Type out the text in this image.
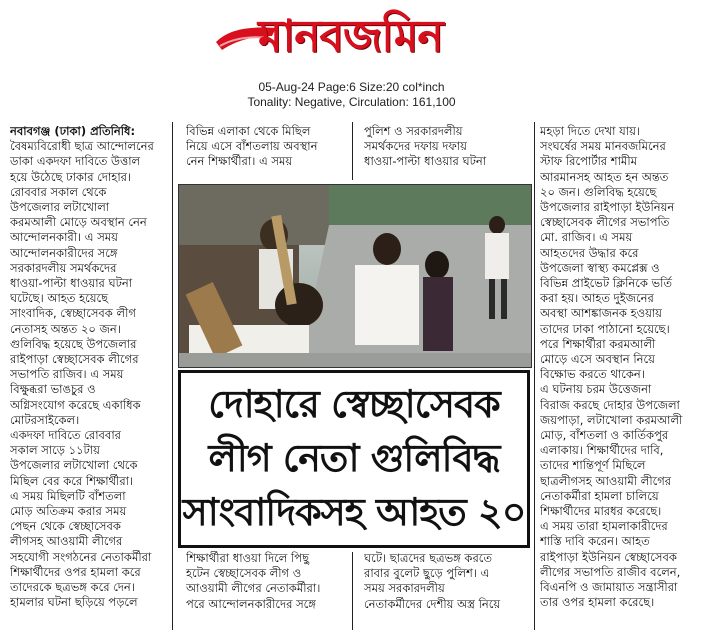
মানবজমিন
05-Aug-24 Page:6 Size:20 col*inch
Tonality: Negative, Circulation: 161,100
নবাবগঞ্জ (ঢাকা) প্রতিনিধি:
বৈষম্যবিরোধী ছাত্র আন্দোলনের
ডাকা একদফা দাবিতে উত্তাল
হয়ে উঠেছে ঢাকার দোহার।
রোববার সকাল থেকে
উপজেলার লটাখোলা
করমআলী মোড়ে অবস্থান নেন
আন্দোলনকারী। এ সময়
আন্দোলনকারীদের সঙ্গে
সরকারদলীয় সমর্থকদের
ধাওয়া-পাল্টা ধাওয়ার ঘটনা
ঘটেছে। আহত হয়েছে
সাংবাদিক, স্বেচ্ছাসেবক লীগ
নেতাসহ অন্তত ২০ জন।
গুলিবিদ্ধ হয়েছে উপজেলার
রাইপাড়া স্বেচ্ছাসেবক লীগের
সভাপতি রাজিব। এ সময়
বিক্ষুব্ধরা ভাঙচুর ও
অগ্নিসংযোগ করেছে একাধিক
মোটরসাইকেল।
একদফা দাবিতে রোববার
সকাল সাড়ে ১১টায়
উপজেলার লটাখোলা থেকে
মিছিল বের করে শিক্ষার্থীরা।
এ সময় মিছিলটি বাঁশতলা
মোড় অতিক্রম করার সময়
পেছন থেকে স্বেচ্ছাসেবক
লীগসহ আওয়ামী লীগের
সহযোগী সংগঠনের নেতাকর্মীরা
শিক্ষার্থীদের ওপর হামলা করে
তাদেরকে ছত্রভঙ্গ করে দেন।
হামলার ঘটনা ছড়িয়ে পড়লে
বিভিন্ন এলাকা থেকে মিছিল
নিয়ে এসে বাঁশতলায় অবস্থান
নেন শিক্ষার্থীরা। এ সময়
পুলিশ ও সরকারদলীয়
সমর্থকদের দফায় দফায়
ধাওয়া-পাল্টা ধাওয়ার ঘটনা
মহড়া দিতে দেখা যায়।
সংঘর্ষের সময় মানবজমিনের
স্টাফ রিপোর্টার শামীম
আরমানসহ আহত হন অন্তত
২০ জন। গুলিবিদ্ধ হয়েছে
উপজেলার রাইপাড়া ইউনিয়ন
স্বেচ্ছাসেবক লীগের সভাপতি
মো. রাজিব। এ সময়
আহতদের উদ্ধার করে
উপজেলা স্বাস্থ্য কমপ্লেক্স ও
বিভিন্ন প্রাইভেট ক্লিনিকে ভর্তি
করা হয়। আহত দুইজনের
অবস্থা আশঙ্কাজনক হওয়ায়
তাদের ঢাকা পাঠানো হয়েছে।
পরে শিক্ষার্থীরা করমআলী
মোড়ে এসে অবস্থান নিয়ে
বিক্ষোভ করতে থাকেন।
এ ঘটনায় চরম উত্তেজনা
বিরাজ করছে দোহার উপজেলা
জয়পাড়া, লটাখোলা করমআলী
মোড়, বাঁশতলা ও কার্তিকপুর
এলাকায়। শিক্ষার্থীদের দাবি,
তাদের শান্তিপূর্ণ মিছিলে
ছাত্রলীগসহ আওয়ামী লীগের
নেতাকর্মীরা হামলা চালিয়ে
শিক্ষার্থীদের মারধর করেছে।
এ সময় তারা হামলাকারীদের
শাস্তি দাবি করেন। আহত
রাইপাড়া ইউনিয়ন স্বেচ্ছাসেবক
লীগের সভাপতি রাজীব বলেন,
বিএনপি ও জামায়াত সন্ত্রাসীরা
তার ওপর হামলা করেছে।
দোহারে স্বেচ্ছাসেবক
লীগ নেতা গুলিবিদ্ধ
সাংবাদিকসহ আহত ২০
শিক্ষার্থীরা ধাওয়া দিলে পিছু
হটেন স্বেচ্ছাসেবক লীগ ও
আওয়ামী লীগের নেতাকর্মীরা।
পরে আন্দোলনকারীদের সঙ্গে
ঘটে। ছাত্রদের ছত্রভঙ্গ করতে
রাবার বুলেট ছুড়ে পুলিশ। এ
সময় সরকারদলীয়
নেতাকর্মীদের দেশীয় অস্ত্র নিয়ে
